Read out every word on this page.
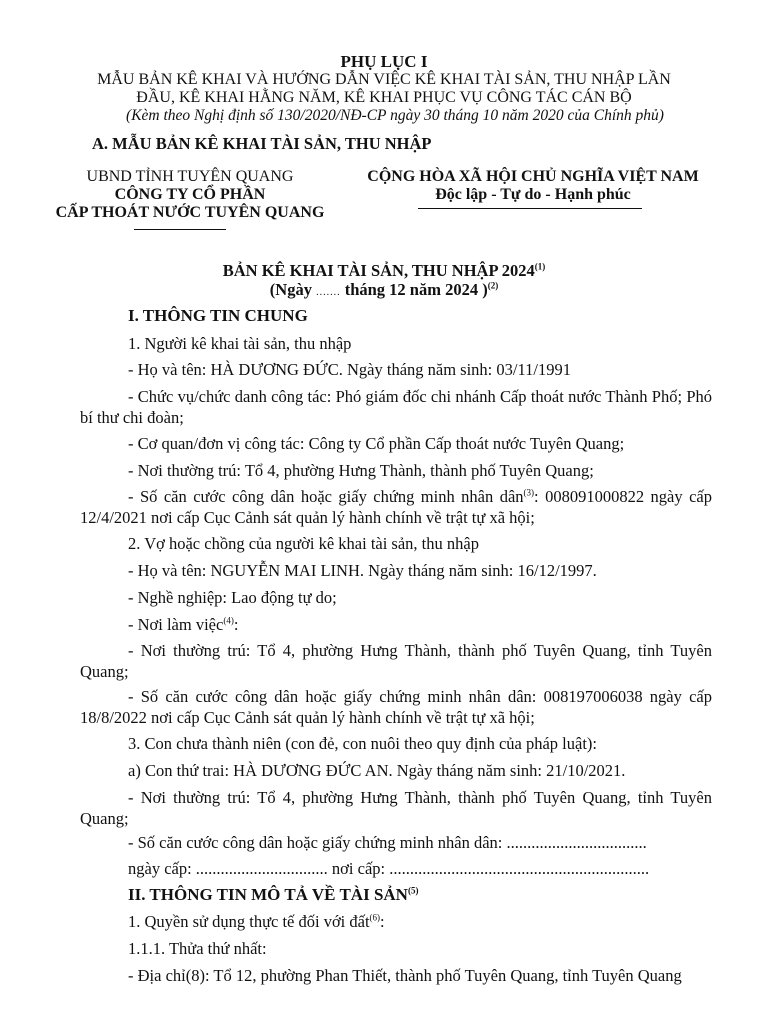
PHỤ LỤC I
MẪU BẢN KÊ KHAI VÀ HƯỚNG DẪN VIỆC KÊ KHAI TÀI SẢN, THU NHẬP LẦN
ĐẦU, KÊ KHAI HẰNG NĂM, KÊ KHAI PHỤC VỤ CÔNG TÁC CÁN BỘ
(Kèm theo Nghị định số 130/2020/NĐ-CP ngày 30 tháng 10 năm 2020 của Chính phủ)
A. MẪU BẢN KÊ KHAI TÀI SẢN, THU NHẬP
UBND TỈNH TUYÊN QUANG
CÔNG TY CỔ PHẦN
CẤP THOÁT NƯỚC TUYÊN QUANG
CỘNG HÒA XÃ HỘI CHỦ NGHĨA VIỆT NAM
Độc lập - Tự do - Hạnh phúc
BẢN KÊ KHAI TÀI SẢN, THU NHẬP 2024$^{(1)}$
(Ngày ....... tháng 12 năm 2024 )$^{(2)}$
I. THÔNG TIN CHUNG
1. Người kê khai tài sản, thu nhập
- Họ và tên: HÀ DƯƠNG ĐỨC. Ngày tháng năm sinh: 03/11/1991
- Chức vụ/chức danh công tác: Phó giám đốc chi nhánh Cấp thoát nước Thành Phố; Phó bí thư chi đoàn;
- Cơ quan/đơn vị công tác: Công ty Cổ phần Cấp thoát nước Tuyên Quang;
- Nơi thường trú: Tổ 4, phường Hưng Thành, thành phố Tuyên Quang;
- Số căn cước công dân hoặc giấy chứng minh nhân dân$^{(3)}$: 008091000822 ngày cấp 12/4/2021 nơi cấp Cục Cảnh sát quản lý hành chính về trật tự xã hội;
2. Vợ hoặc chồng của người kê khai tài sản, thu nhập
- Họ và tên: NGUYỄN MAI LINH. Ngày tháng năm sinh: 16/12/1997.
- Nghề nghiệp: Lao động tự do;
- Nơi làm việc$^{(4)}$:
- Nơi thường trú: Tổ 4, phường Hưng Thành, thành phố Tuyên Quang, tỉnh Tuyên Quang;
- Số căn cước công dân hoặc giấy chứng minh nhân dân: 008197006038 ngày cấp 18/8/2022 nơi cấp Cục Cảnh sát quản lý hành chính về trật tự xã hội;
3. Con chưa thành niên (con đẻ, con nuôi theo quy định của pháp luật):
a) Con thứ trai: HÀ DƯƠNG ĐỨC AN. Ngày tháng năm sinh: 21/10/2021.
- Nơi thường trú: Tổ 4, phường Hưng Thành, thành phố Tuyên Quang, tỉnh Tuyên Quang;
- Số căn cước công dân hoặc giấy chứng minh nhân dân: ..................................
ngày cấp: ................................ nơi cấp: ...............................................................
II. THÔNG TIN MÔ TẢ VỀ TÀI SẢN$^{(5)}$
1. Quyền sử dụng thực tế đối với đất$^{(6)}$:
1.1.1. Thửa thứ nhất:
- Địa chỉ(8): Tổ 12, phường Phan Thiết, thành phố Tuyên Quang, tỉnh Tuyên Quang
